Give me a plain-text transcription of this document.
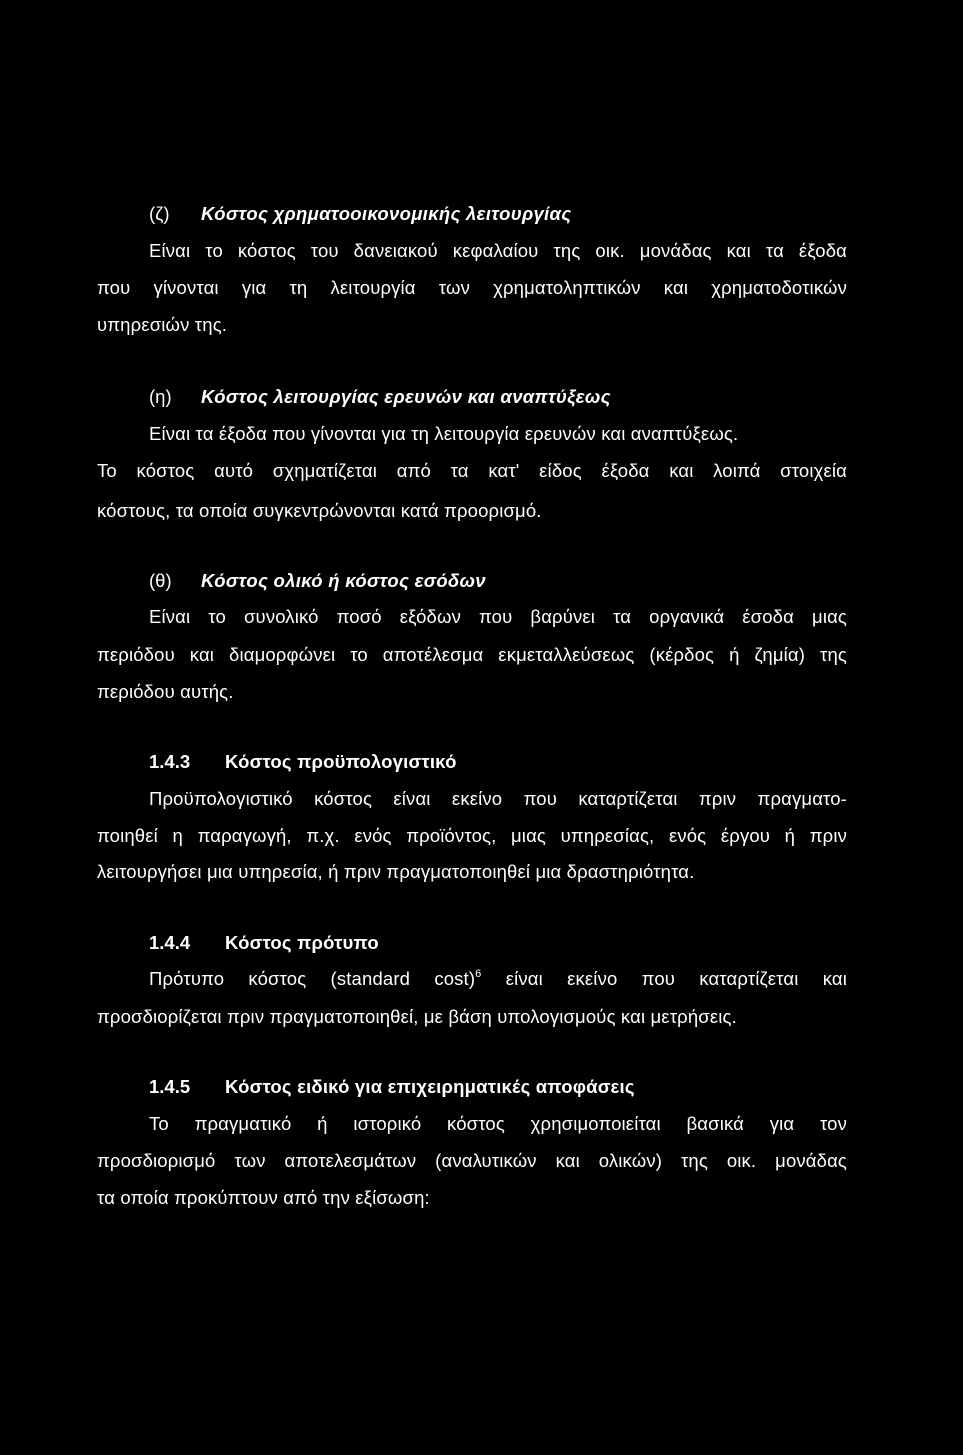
(ζ) Κόστος χρηματοοικονομικής λειτουργίας
Είναι το κόστος του δανειακού κεφαλαίου της οικ. μονάδας και τα έξοδα
που γίνονται για τη λειτουργία των χρηματοληπτικών και χρηματοδοτικών
υπηρεσιών της.
(η) Κόστος λειτουργίας ερευνών και αναπτύξεως
Είναι τα έξοδα που γίνονται για τη λειτουργία ερευνών και αναπτύξεως.
Το κόστος αυτό σχηματίζεται από τα κατ' είδος έξοδα και λοιπά στοιχεία
κόστους, τα οποία συγκεντρώνονται κατά προορισμό.
(θ) Κόστος ολικό ή κόστος εσόδων
Είναι το συνολικό ποσό εξόδων που βαρύνει τα οργανικά έσοδα μιας
περιόδου και διαμορφώνει το αποτέλεσμα εκμεταλλεύσεως (κέρδος ή ζημία) της
περιόδου αυτής.
1.4.3 Κόστος προϋπολογιστικό
Προϋπολογιστικό κόστος είναι εκείνο που καταρτίζεται πριν πραγματο-
ποιηθεί η παραγωγή, π.χ. ενός προϊόντος, μιας υπηρεσίας, ενός έργου ή πριν
λειτουργήσει μια υπηρεσία, ή πριν πραγματοποιηθεί μια δραστηριότητα.
1.4.4 Κόστος πρότυπο
Πρότυπο κόστος (standard cost)$^6$ είναι εκείνο που καταρτίζεται και
προσδιορίζεται πριν πραγματοποιηθεί, με βάση υπολογισμούς και μετρήσεις.
1.4.5 Κόστος ειδικό για επιχειρηματικές αποφάσεις
Το πραγματικό ή ιστορικό κόστος χρησιμοποιείται βασικά για τον
προσδιορισμό των αποτελεσμάτων (αναλυτικών και ολικών) της οικ. μονάδας
τα οποία προκύπτουν από την εξίσωση:
